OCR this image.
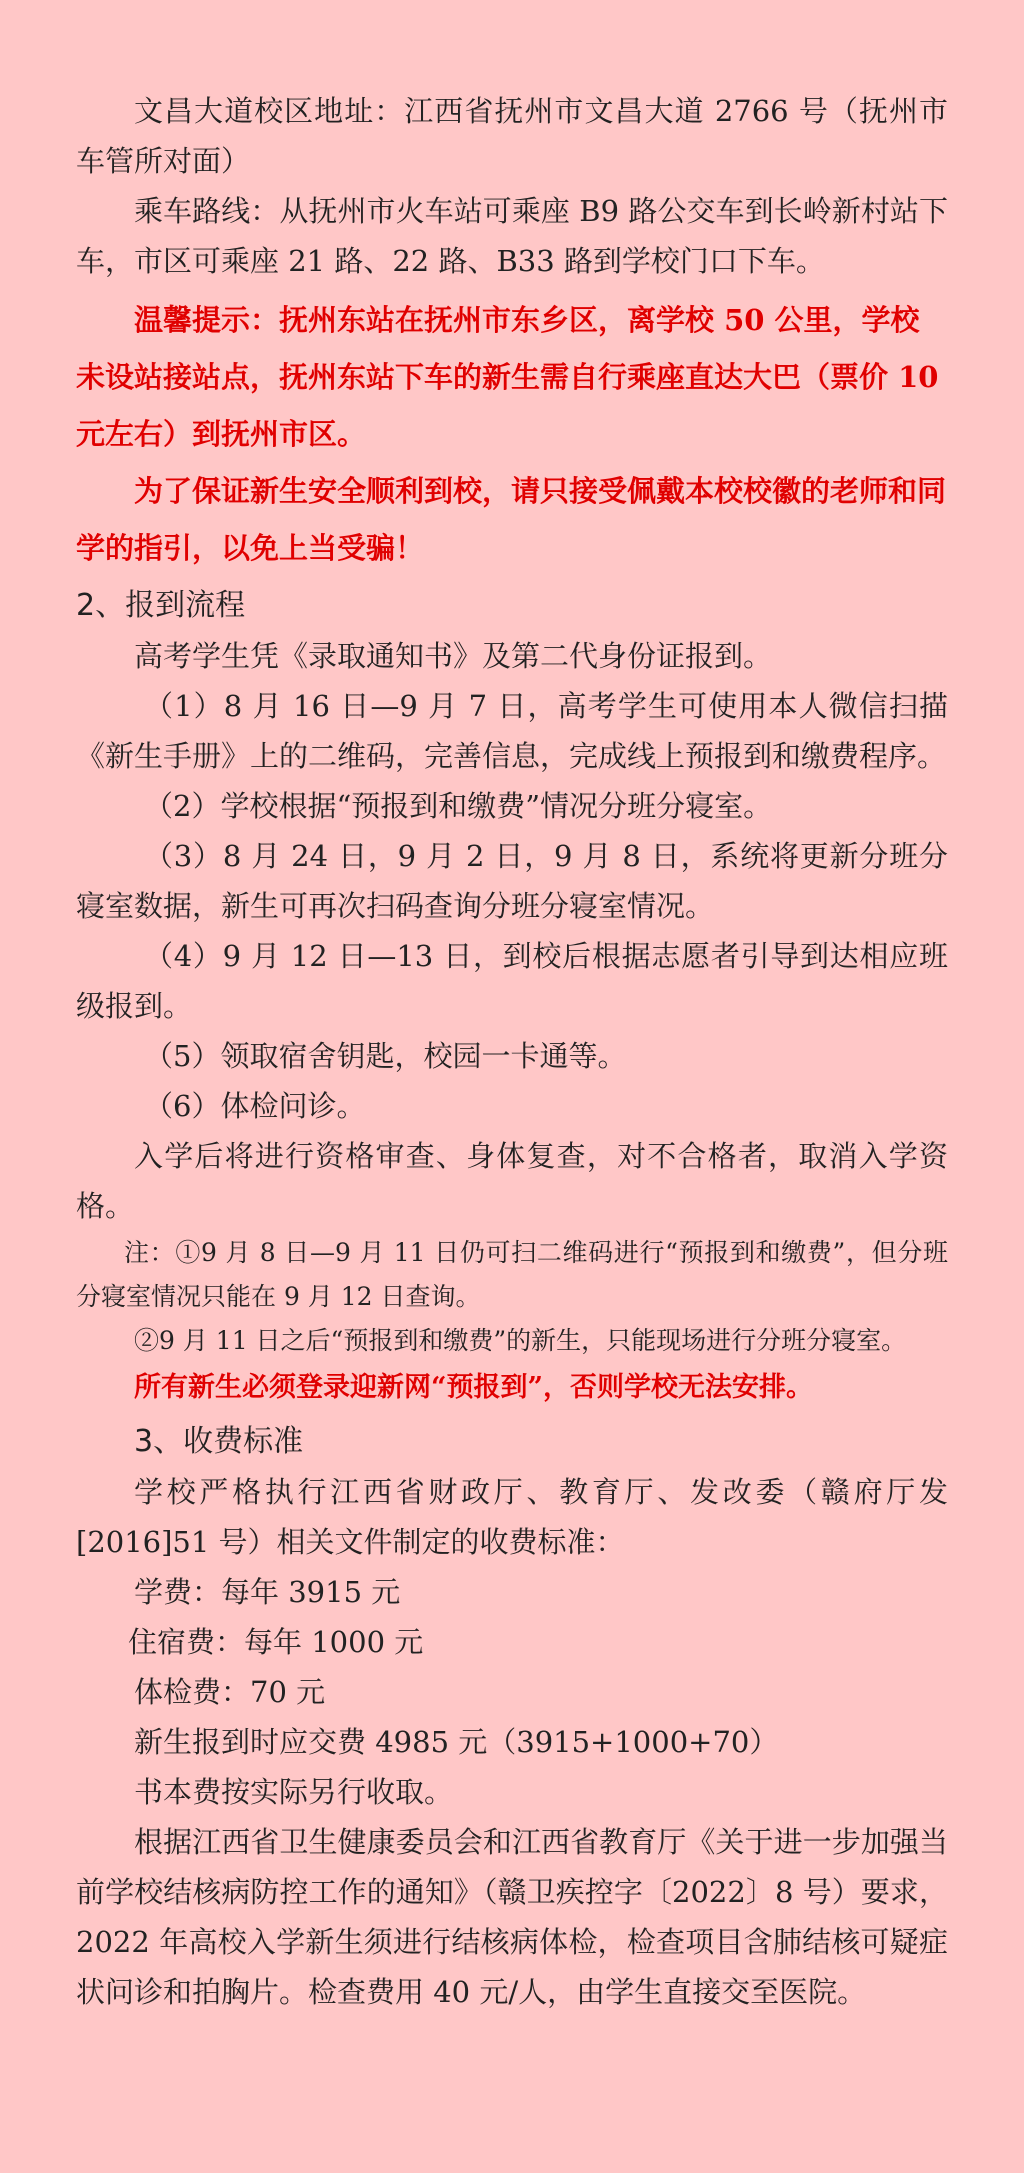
文昌大道校区地址：江西省抚州市文昌大道 2766 号（抚州市车管所对面）

乘车路线：从抚州市火车站可乘座 B9 路公交车到长岭新村站下车，市区可乘座 21 路、22 路、B33 路到学校门口下车。

温馨提示：抚州东站在抚州市东乡区，离学校 50 公里，学校未设站接站点，抚州东站下车的新生需自行乘座直达大巴（票价 10 元左右）到抚州市区。

为了保证新生安全顺利到校，请只接受佩戴本校校徽的老师和同学的指引，以免上当受骗！

2、报到流程

高考学生凭《录取通知书》及第二代身份证报到。

（1）8 月 16 日—9 月 7 日，高考学生可使用本人微信扫描《新生手册》上的二维码，完善信息，完成线上预报到和缴费程序。

（2）学校根据“预报到和缴费”情况分班分寝室。

（3）8 月 24 日，9 月 2 日，9 月 8 日，系统将更新分班分寝室数据，新生可再次扫码查询分班分寝室情况。

（4）9 月 12 日—13 日，到校后根据志愿者引导到达相应班级报到。

（5）领取宿舍钥匙，校园一卡通等。

（6）体检问诊。

入学后将进行资格审查、身体复查，对不合格者，取消入学资格。

注：①9 月 8 日—9 月 11 日仍可扫二维码进行“预报到和缴费”，但分班分寝室情况只能在 9 月 12 日查询。

②9 月 11 日之后“预报到和缴费”的新生，只能现场进行分班分寝室。

所有新生必须登录迎新网“预报到”，否则学校无法安排。

3、收费标准

学校严格执行江西省财政厅、教育厅、发改委（赣府厅发[2016]51 号）相关文件制定的收费标准：

学费：每年 3915 元

住宿费：每年 1000 元

体检费：70 元

新生报到时应交费 4985 元（3915+1000+70）

书本费按实际另行收取。

根据江西省卫生健康委员会和江西省教育厅《关于进一步加强当前学校结核病防控工作的通知》（赣卫疾控字〔2022〕8 号）要求，2022 年高校入学新生须进行结核病体检，检查项目含肺结核可疑症状问诊和拍胸片。检查费用 40 元/人，由学生直接交至医院。
